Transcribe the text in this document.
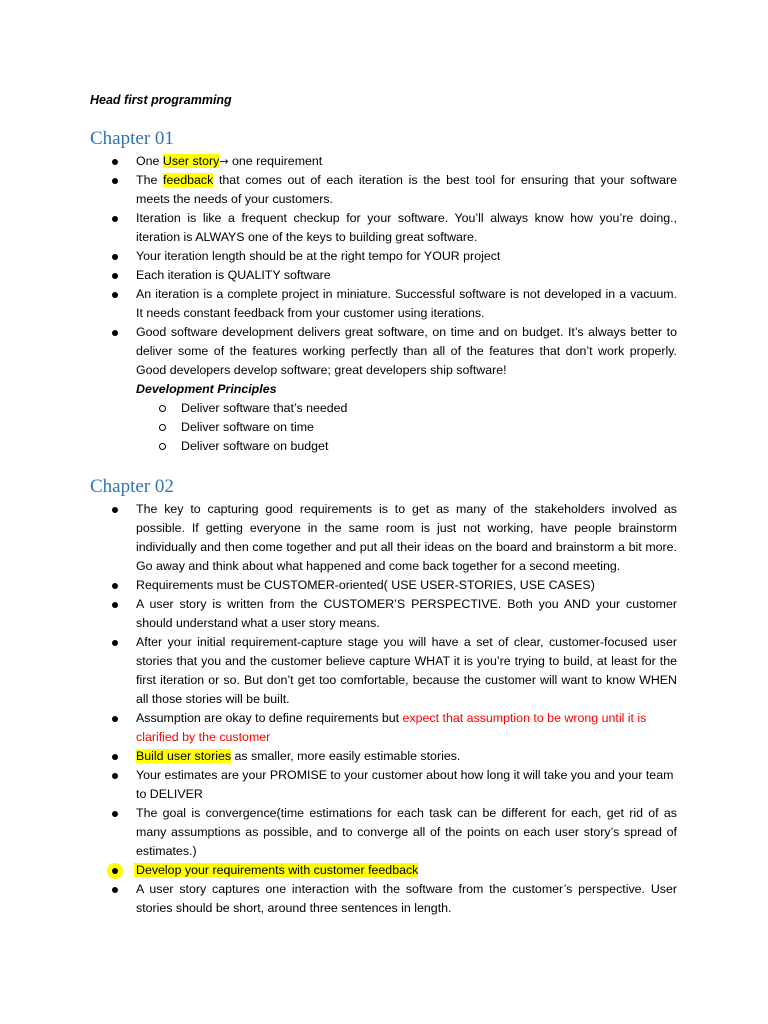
Head first programming

Chapter 01
One User story→ one requirement
The feedback that comes out of each iteration is the best tool for ensuring that your software meets the needs of your customers.
Iteration is like a frequent checkup for your software. You’ll always know how you’re doing., iteration is ALWAYS one of the keys to building great software.
Your iteration length should be at the right tempo for YOUR project
Each iteration is QUALITY software
An iteration is a complete project in miniature. Successful software is not developed in a vacuum. It needs constant feedback from your customer using iterations.
Good software development delivers great software, on time and on budget. It’s always better to deliver some of the features working perfectly than all of the features that don’t work properly. Good developers develop software; great developers ship software!

Development Principles

Deliver software that’s needed
Deliver software on time
Deliver software on budget
Chapter 02
The key to capturing good requirements is to get as many of the stakeholders involved as possible. If getting everyone in the same room is just not working, have people brainstorm individually and then come together and put all their ideas on the board and brainstorm a bit more. Go away and think about what happened and come back together for a second meeting.
Requirements must be CUSTOMER-oriented( USE USER-STORIES, USE CASES)
A user story is written from the CUSTOMER’S PERSPECTIVE. Both you AND your customer should understand what a user story means.
After your initial requirement-capture stage you will have a set of clear, customer-focused user stories that you and the customer believe capture WHAT it is you’re trying to build, at least for the first iteration or so. But don’t get too comfortable, because the customer will want to know WHEN all those stories will be built.
Assumption are okay to define requirements but expect that assumption to be wrong until it is clarified by the customer
Build user stories as smaller, more easily estimable stories.
Your estimates are your PROMISE to your customer about how long it will take you and your team to DELIVER
The goal is convergence(time estimations for each task can be different for each, get rid of as many assumptions as possible, and to converge all of the points on each user story’s spread of estimates.)
Develop your requirements with customer feedback
A user story captures one interaction with the software from the customer’s perspective. User stories should be short, around three sentences in length.
